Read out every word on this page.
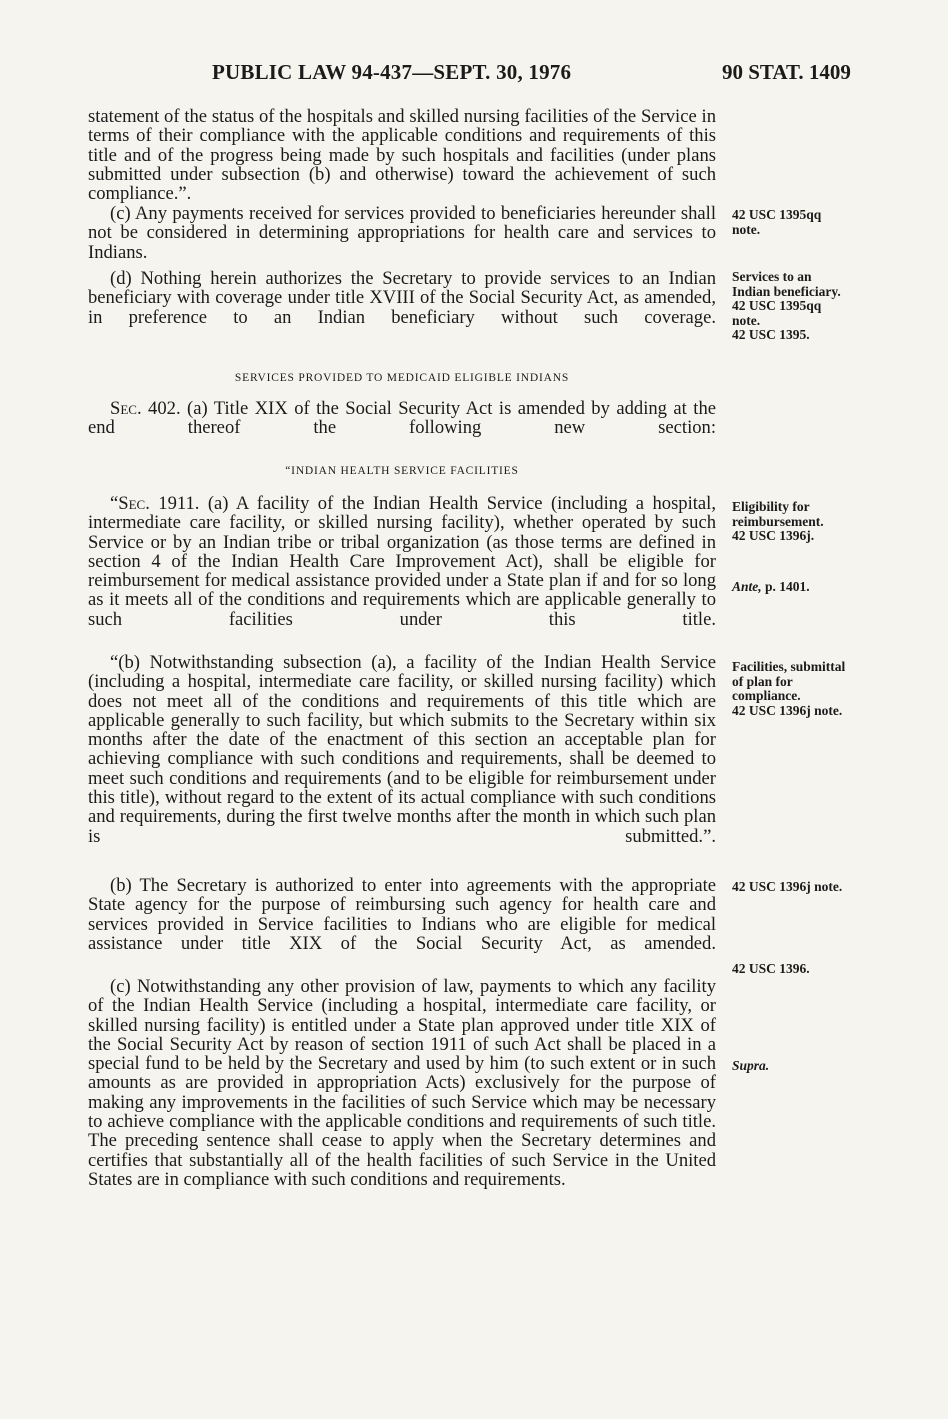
PUBLIC LAW 94-437—SEPT. 30, 1976	90 STAT. 1409

statement of the status of the hospitals and skilled nursing facilities of the Service in terms of their compliance with the applicable conditions and requirements of this title and of the progress being made by such hospitals and facilities (under plans submitted under subsection (b) and otherwise) toward the achievement of such compliance.”.

(c) Any payments received for services provided to beneficiaries hereunder shall not be considered in determining appropriations for health care and services to Indians.

(d) Nothing herein authorizes the Secretary to provide services to an Indian beneficiary with coverage under title XVIII of the Social Security Act, as amended, in preference to an Indian beneficiary without such coverage.

SERVICES PROVIDED TO MEDICAID ELIGIBLE INDIANS

Sec. 402. (a) Title XIX of the Social Security Act is amended by adding at the end thereof the following new section:

“INDIAN HEALTH SERVICE FACILITIES

“Sec. 1911. (a) A facility of the Indian Health Service (including a hospital, intermediate care facility, or skilled nursing facility), whether operated by such Service or by an Indian tribe or tribal organization (as those terms are defined in section 4 of the Indian Health Care Improvement Act), shall be eligible for reimbursement for medical assistance provided under a State plan if and for so long as it meets all of the conditions and requirements which are applicable generally to such facilities under this title.

“(b) Notwithstanding subsection (a), a facility of the Indian Health Service (including a hospital, intermediate care facility, or skilled nursing facility) which does not meet all of the conditions and requirements of this title which are applicable generally to such facility, but which submits to the Secretary within six months after the date of the enactment of this section an acceptable plan for achieving compliance with such conditions and requirements, shall be deemed to meet such conditions and requirements (and to be eligible for reimbursement under this title), without regard to the extent of its actual compliance with such conditions and requirements, during the first twelve months after the month in which such plan is submitted.”.

(b) The Secretary is authorized to enter into agreements with the appropriate State agency for the purpose of reimbursing such agency for health care and services provided in Service facilities to Indians who are eligible for medical assistance under title XIX of the Social Security Act, as amended.

(c) Notwithstanding any other provision of law, payments to which any facility of the Indian Health Service (including a hospital, intermediate care facility, or skilled nursing facility) is entitled under a State plan approved under title XIX of the Social Security Act by reason of section 1911 of such Act shall be placed in a special fund to be held by the Secretary and used by him (to such extent or in such amounts as are provided in appropriation Acts) exclusively for the purpose of making any improvements in the facilities of such Service which may be necessary to achieve compliance with the applicable conditions and requirements of such title. The preceding sentence shall cease to apply when the Secretary determines and certifies that substantially all of the health facilities of such Service in the United States are in compliance with such conditions and requirements.

42 USC 1395qq note.
Services to an Indian beneficiary.
42 USC 1395qq note.
42 USC 1395.
Eligibility for reimbursement.
42 USC 1396j.
Ante, p. 1401.
Facilities, submittal of plan for compliance.
42 USC 1396j note.
42 USC 1396j note.
42 USC 1396.
Supra.
